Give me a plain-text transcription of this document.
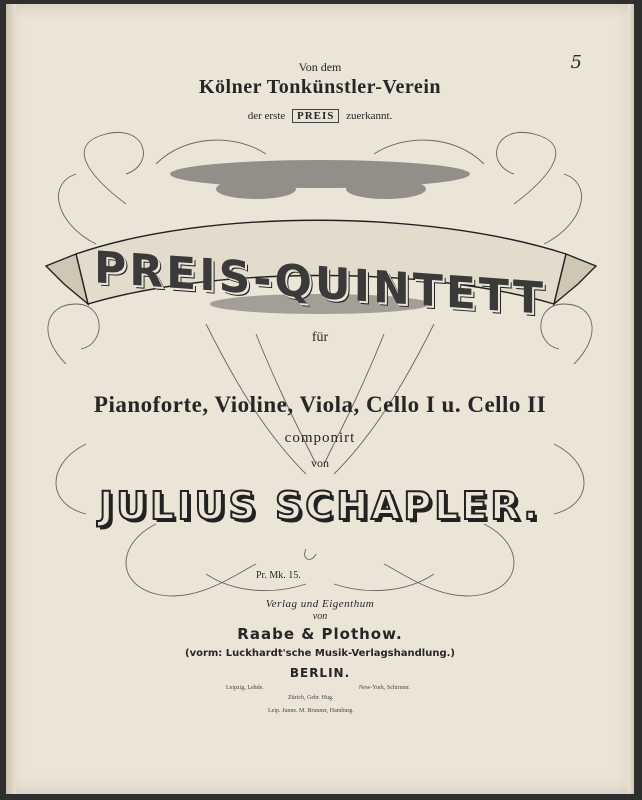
5
Von dem
Kölner Tonkünstler-Verein
der erste PREIS zuerkannt.
PREIS-QUINTETT
für
Pianoforte, Violine, Viola, Cello I u. Cello II
componirt
von
JULIUS SCHAPLER.
Pr. Mk. 15.
Verlag und Eigenthum
von
Raabe & Plothow.
(vorm: Luckhardt'sche Musik-Verlagshandlung.)
BERLIN.
Leipzig, Lehde.	New-York, Schirmer.
Zürich, Gebr. Hug.
Leip. Junne. M. Brunner, Hamburg.
